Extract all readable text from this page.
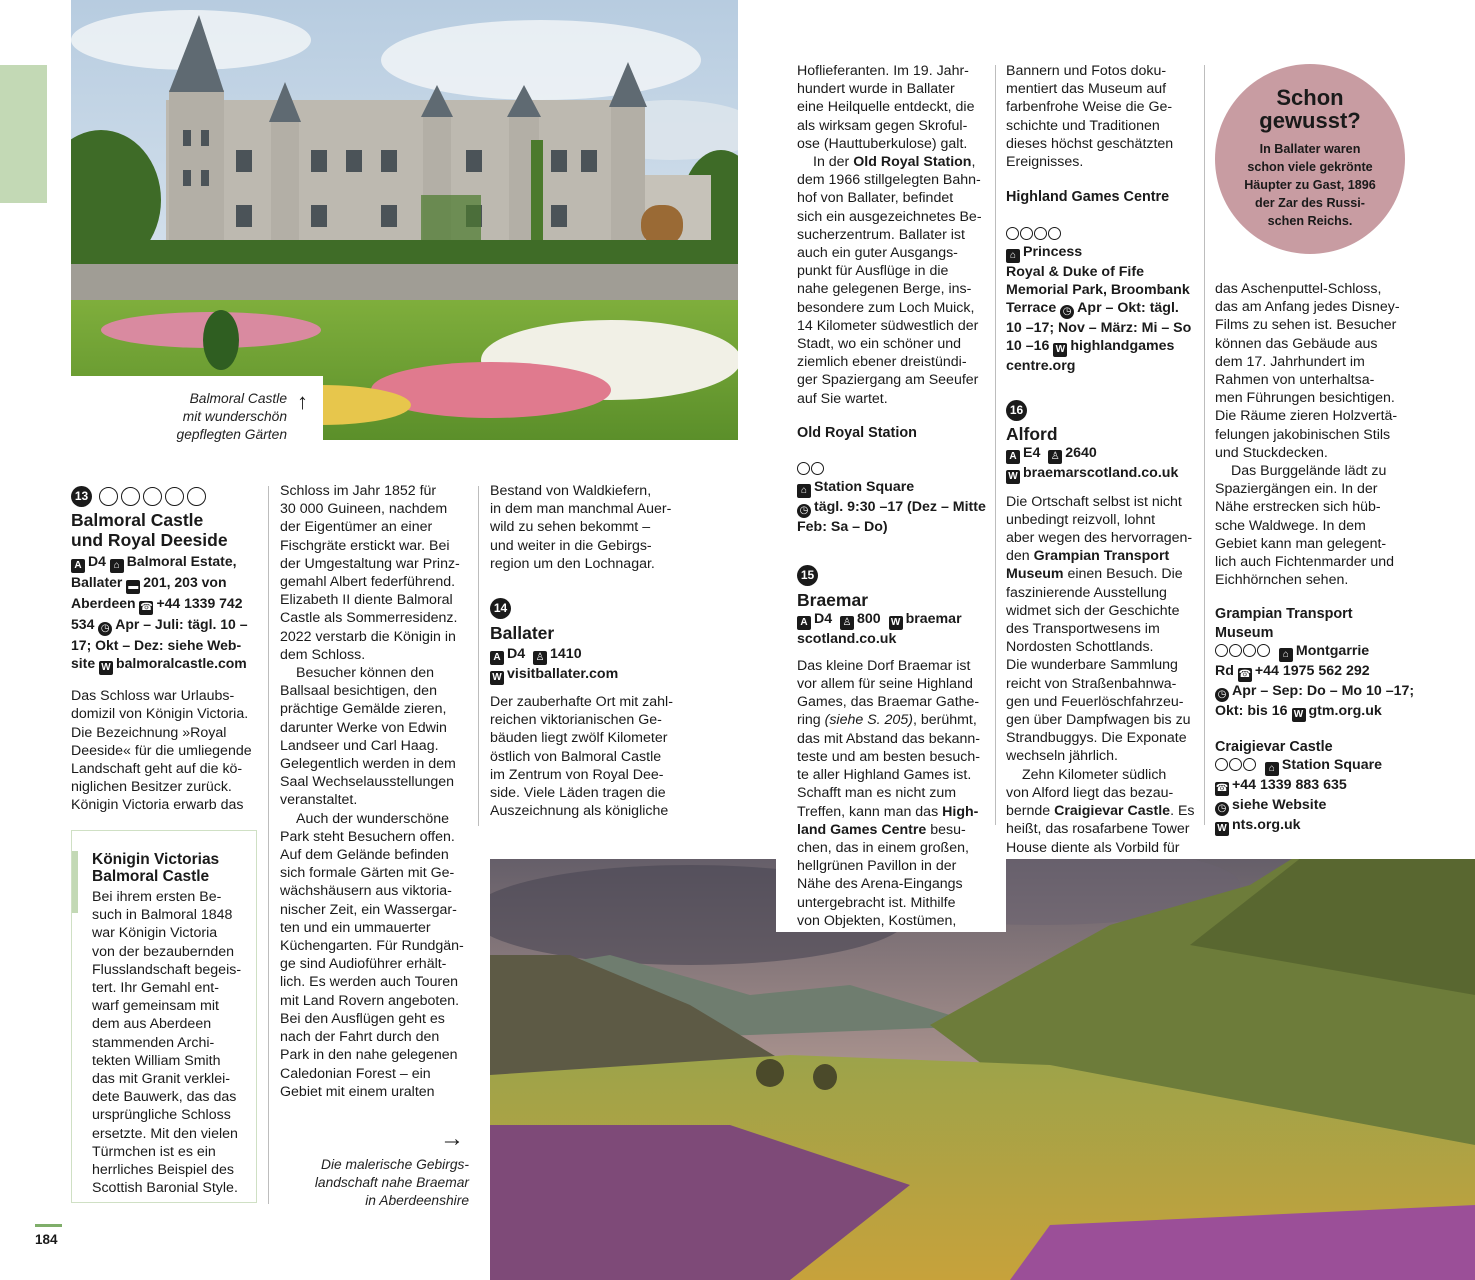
Balmoral Castle
mit wunderschön
gepflegten Gärten
↑
13

Balmoral Castle

und Royal Deeside

A D4 ⌂ Balmoral Estate,
Ballater ▬ 201, 203 von
Aberdeen ☎ +44 1339 742
534 ◷ Apr – Juli: tägl. 10 –
17; Okt – Dez: siehe Web-
site W balmoralcastle.com

Das Schloss war Urlaubs-
domizil von Königin Victoria.
Die Bezeichnung »Royal
Deeside« für die umliegende
Landschaft geht auf die kö-
niglichen Besitzer zurück.
Königin Victoria erwarb das

Königin Victorias
Balmoral Castle

Bei ihrem ersten Be-
such in Balmoral 1848
war Königin Victoria
von der bezaubernden
Flusslandschaft begeis-
tert. Ihr Gemahl ent-
warf gemeinsam mit
dem aus Aberdeen
stammenden Archi-
tekten William Smith
das mit Granit verklei-
dete Bauwerk, das das
ursprüngliche Schloss
ersetzte. Mit den vielen
Türmchen ist es ein
herrliches Beispiel des
Scottish Baronial Style.

Schloss im Jahr 1852 für
30 000 Guineen, nachdem
der Eigentümer an einer
Fischgräte erstickt war. Bei
der Umgestaltung war Prinz-
gemahl Albert federführend.
Elizabeth II diente Balmoral
Castle als Sommerresidenz.
2022 verstarb die Königin in
dem Schloss.

Besucher können den
Ballsaal besichtigen, den
prächtige Gemälde zieren,
darunter Werke von Edwin
Landseer und Carl Haag.
Gelegentlich werden in dem
Saal Wechselausstellungen
veranstaltet.

Auch der wunderschöne
Park steht Besuchern offen.
Auf dem Gelände befinden
sich formale Gärten mit Ge-
wächshäusern aus viktoria-
nischer Zeit, ein Wassergar-
ten und ein ummauerter
Küchengarten. Für Rundgän-
ge sind Audioführer erhält-
lich. Es werden auch Touren
mit Land Rovern angeboten.
Bei den Ausflügen geht es
nach der Fahrt durch den
Park in den nahe gelegenen
Caledonian Forest – ein
Gebiet mit einem uralten

→
Die malerische Gebirgs-
landschaft nahe Braemar
in Aberdeenshire

Bestand von Waldkiefern,
in dem man manchmal Auer-
wild zu sehen bekommt –
und weiter in die Gebirgs-
region um den Lochnagar.

14

Ballater

A D4 ♙ 1410
W visitballater.com

Der zauberhafte Ort mit zahl-
reichen viktorianischen Ge-
bäuden liegt zwölf Kilometer
östlich von Balmoral Castle
im Zentrum von Royal Dee-
side. Viele Läden tragen die
Auszeichnung als königliche

Hoflieferanten. Im 19. Jahr-
hundert wurde in Ballater
eine Heilquelle entdeckt, die
als wirksam gegen Skroful-
ose (Hauttuberkulose) galt.

In der Old Royal Station,
dem 1966 stillgelegten Bahn-
hof von Ballater, befindet
sich ein ausgezeichnetes Be-
sucherzentrum. Ballater ist
auch ein guter Ausgangs-
punkt für Ausflüge in die
nahe gelegenen Berge, ins-
besondere zum Loch Muick,
14 Kilometer südwestlich der
Stadt, wo ein schöner und
ziemlich ebener dreistündi-
ger Spaziergang am Seeufer
auf Sie wartet.

Old Royal Station

⌂ Station Square
◷ tägl. 9:30 –17 (Dez – Mitte
Feb: Sa – Do)

15

Braemar

A D4 ♙ 800 W braemar
scotland.co.uk

Das kleine Dorf Braemar ist
vor allem für seine Highland
Games, das Braemar Gathe-
ring (siehe S. 205), berühmt,
das mit Abstand das bekann-
teste und am besten besuch-
te aller Highland Games ist.
Schafft man es nicht zum
Treffen, kann man das High-
land Games Centre besu-
chen, das in einem großen,
hellgrünen Pavillon in der
Nähe des Arena-Eingangs
untergebracht ist. Mithilfe
von Objekten, Kostümen,

Bannern und Fotos doku-
mentiert das Museum auf
farbenfrohe Weise die Ge-
schichte und Traditionen
dieses höchst geschätzten
Ereignisses.

Highland Games Centre

⌂ Princess
Royal & Duke of Fife
Memorial Park, Broombank
Terrace ◷ Apr – Okt: tägl.
10 –17; Nov – März: Mi – So
10 –16 W highlandgames
centre.org

16

Alford

A E4 ♙ 2640
W braemarscotland.co.uk

Die Ortschaft selbst ist nicht
unbedingt reizvoll, lohnt
aber wegen des hervorragen-
den Grampian Transport
Museum einen Besuch. Die
faszinierende Ausstellung
widmet sich der Geschichte
des Transportwesens im
Nordosten Schottlands.
Die wunderbare Sammlung
reicht von Straßenbahnwa-
gen und Feuerlöschfahrzeu-
gen über Dampfwagen bis zu
Strandbuggys. Die Exponate
wechseln jährlich.

Zehn Kilometer südlich
von Alford liegt das bezau-
bernde Craigievar Castle. Es
heißt, das rosafarbene Tower
House diente als Vorbild für

Schon
gewusst?

In Ballater waren
schon viele gekrönte
Häupter zu Gast, 1896
der Zar des Russi-
schen Reichs.

das Aschenputtel-Schloss,
das am Anfang jedes Disney-
Films zu sehen ist. Besucher
können das Gebäude aus
dem 17. Jahrhundert im
Rahmen von unterhaltsa-
men Führungen besichtigen.
Die Räume zieren Holzvertä-
felungen jakobinischen Stils
und Stuckdecken.

Das Burggelände lädt zu
Spaziergängen ein. In der
Nähe erstrecken sich hüb-
sche Waldwege. In dem
Gebiet kann man gelegent-
lich auch Fichtenmarder und
Eichhörnchen sehen.

Grampian Transport
Museum

⌂ Montgarrie
Rd ☎ +44 1975 562 292
◷ Apr – Sep: Do – Mo 10 –17;
Okt: bis 16 W gtm.org.uk

Craigievar Castle

⌂ Station Square
☎ +44 1339 883 635
◷ siehe Website
W nts.org.uk
184
